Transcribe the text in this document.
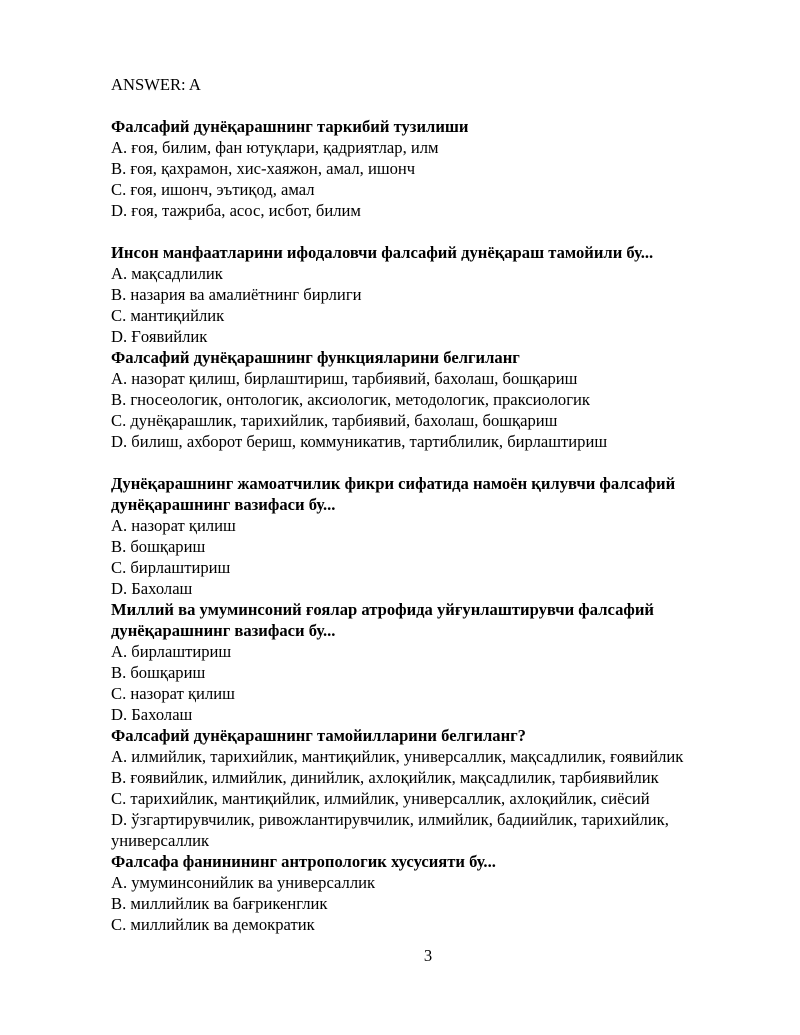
ANSWER: A
Фалсафий дунёқарашнинг таркибий тузилиши
A. ғоя, билим, фан ютуқлари, қадриятлар, илм
B. ғоя, қахрамон, хис-хаяжон, амал, ишонч
C. ғоя, ишонч, эътиқод, амал
D. ғоя, тажриба, асос, исбот, билим
Инсон манфаатларини ифодаловчи фалсафий дунёқараш тамойили бу...
A. мақсадлилик
B. назария ва амалиётнинг бирлиги
C. мантиқийлик
D. Ғоявийлик
Фалсафий дунёқарашнинг функцияларини белгиланг
A. назорат қилиш, бирлаштириш, тарбиявий, бахолаш, бошқариш
B. гносеологик, онтологик, аксиологик, методологик, праксиологик
C. дунёқарашлик, тарихийлик, тарбиявий, бахолаш, бошқариш
D. билиш, ахборот бериш, коммуникатив, тартиблилик, бирлаштириш
Дунёқарашнинг жамоатчилик фикри сифатида намоён қилувчи фалсафий дунёқарашнинг вазифаси бу...
A. назорат қилиш
B. бошқариш
C. бирлаштириш
D. Бахолаш
Миллий ва умуминсоний ғоялар атрофида уйғунлаштирувчи фалсафий дунёқарашнинг вазифаси бу...
A. бирлаштириш
B. бошқариш
C. назорат қилиш
D. Бахолаш
Фалсафий дунёқарашнинг тамойилларини белгиланг?
A. илмийлик, тарихийлик, мантиқийлик, универсаллик, мақсадлилик, ғоявийлик
B. ғоявийлик, илмийлик, динийлик, ахлоқийлик, мақсадлилик, тарбиявийлик
C. тарихийлик, мантиқийлик, илмийлик, универсаллик, ахлоқийлик, сиёсий
D. ўзгартирувчилик, ривожлантирувчилик, илмийлик, бадиийлик, тарихийлик, универсаллик
Фалсафа фанинининг антропологик хусусияти бу...
A. умуминсонийлик ва универсаллик
B. миллийлик ва бағрикенглик
C. миллийлик ва демократик
3
